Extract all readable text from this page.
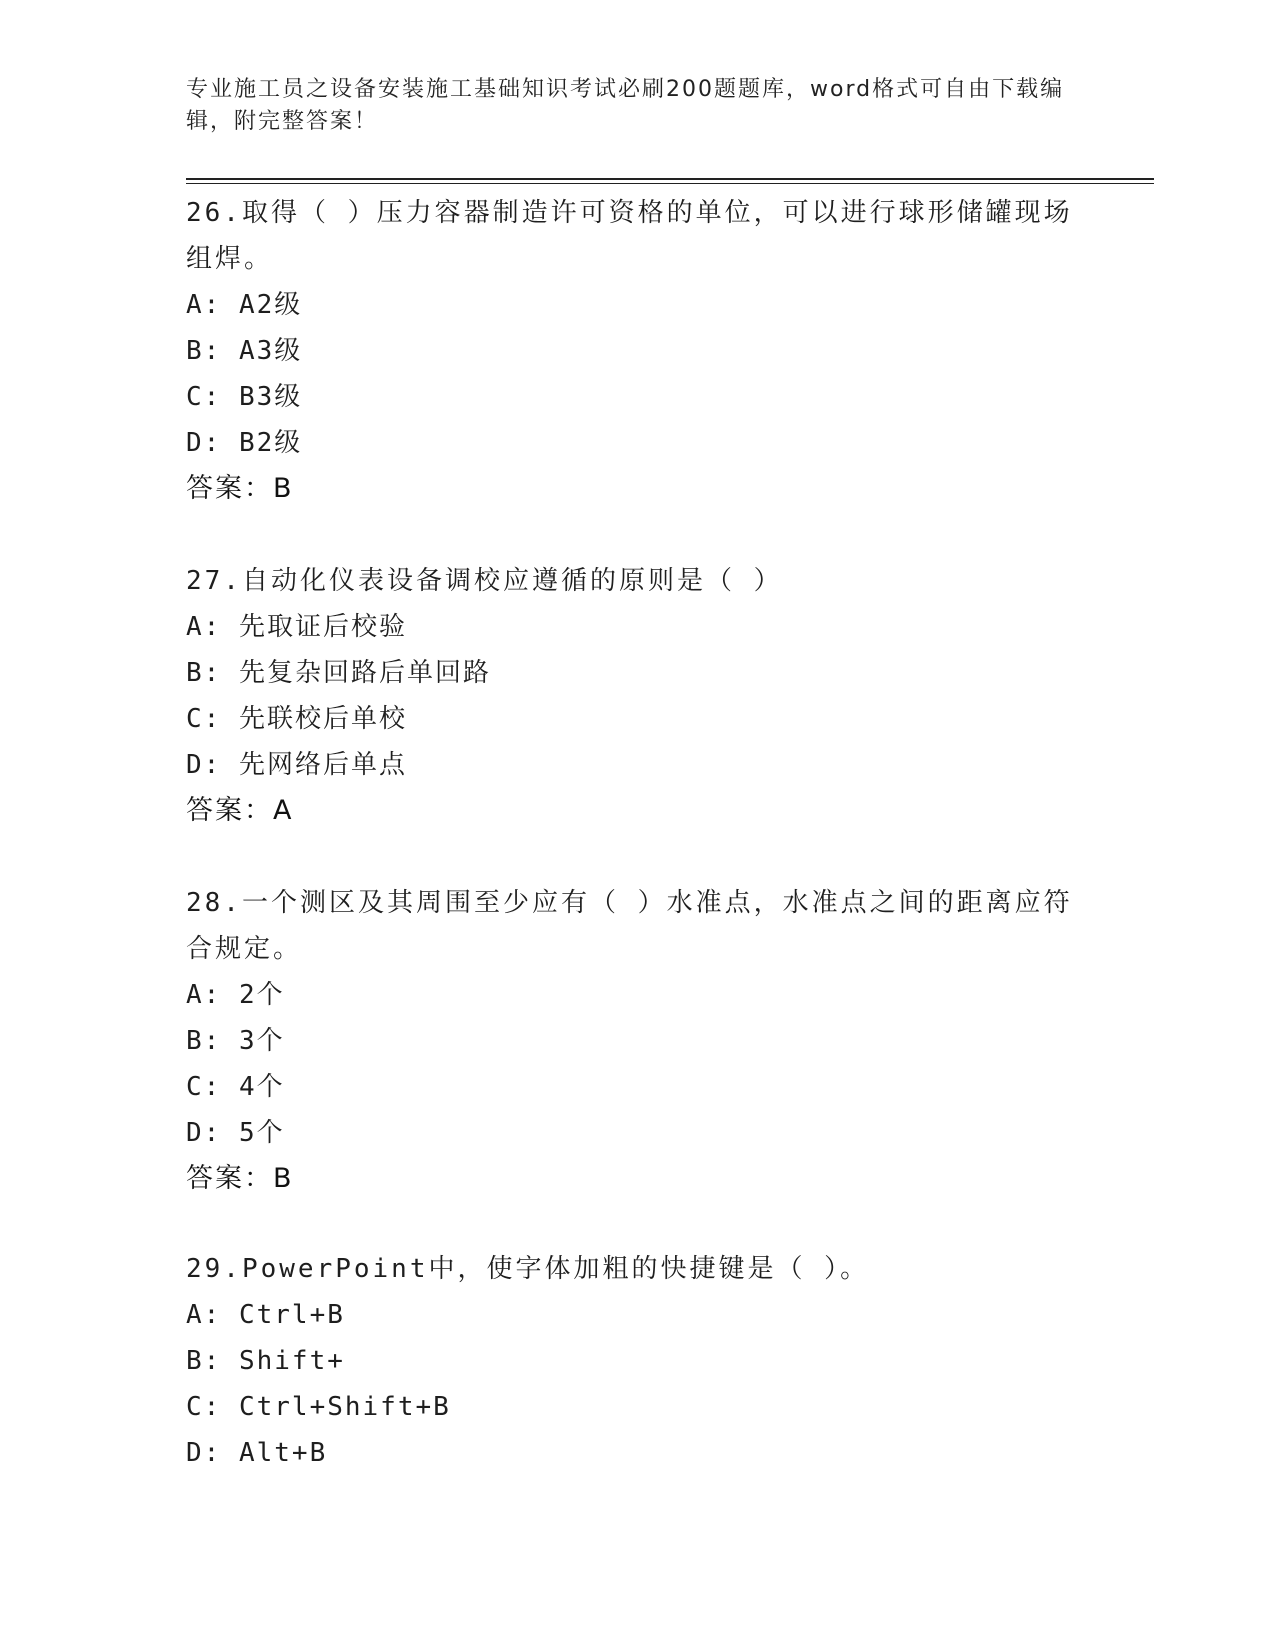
专业施工员之设备安装施工基础知识考试必刷200题题库，word格式可自由下载编辑，附完整答案！

26.取得（ ）压力容器制造许可资格的单位，可以进行球形储罐现场组焊。

A: A2级
B: A3级
C: B3级
D: B2级
答案：B

27.自动化仪表设备调校应遵循的原则是（ ）

A: 先取证后校验
B: 先复杂回路后单回路
C: 先联校后单校
D: 先网络后单点
答案：A

28.一个测区及其周围至少应有（ ）水准点，水准点之间的距离应符合规定。

A: 2个
B: 3个
C: 4个
D: 5个
答案：B

29.PowerPoint中，使字体加粗的快捷键是（ ）。

A: Ctrl+B
B: Shift+
C: Ctrl+Shift+B
D: Alt+B
